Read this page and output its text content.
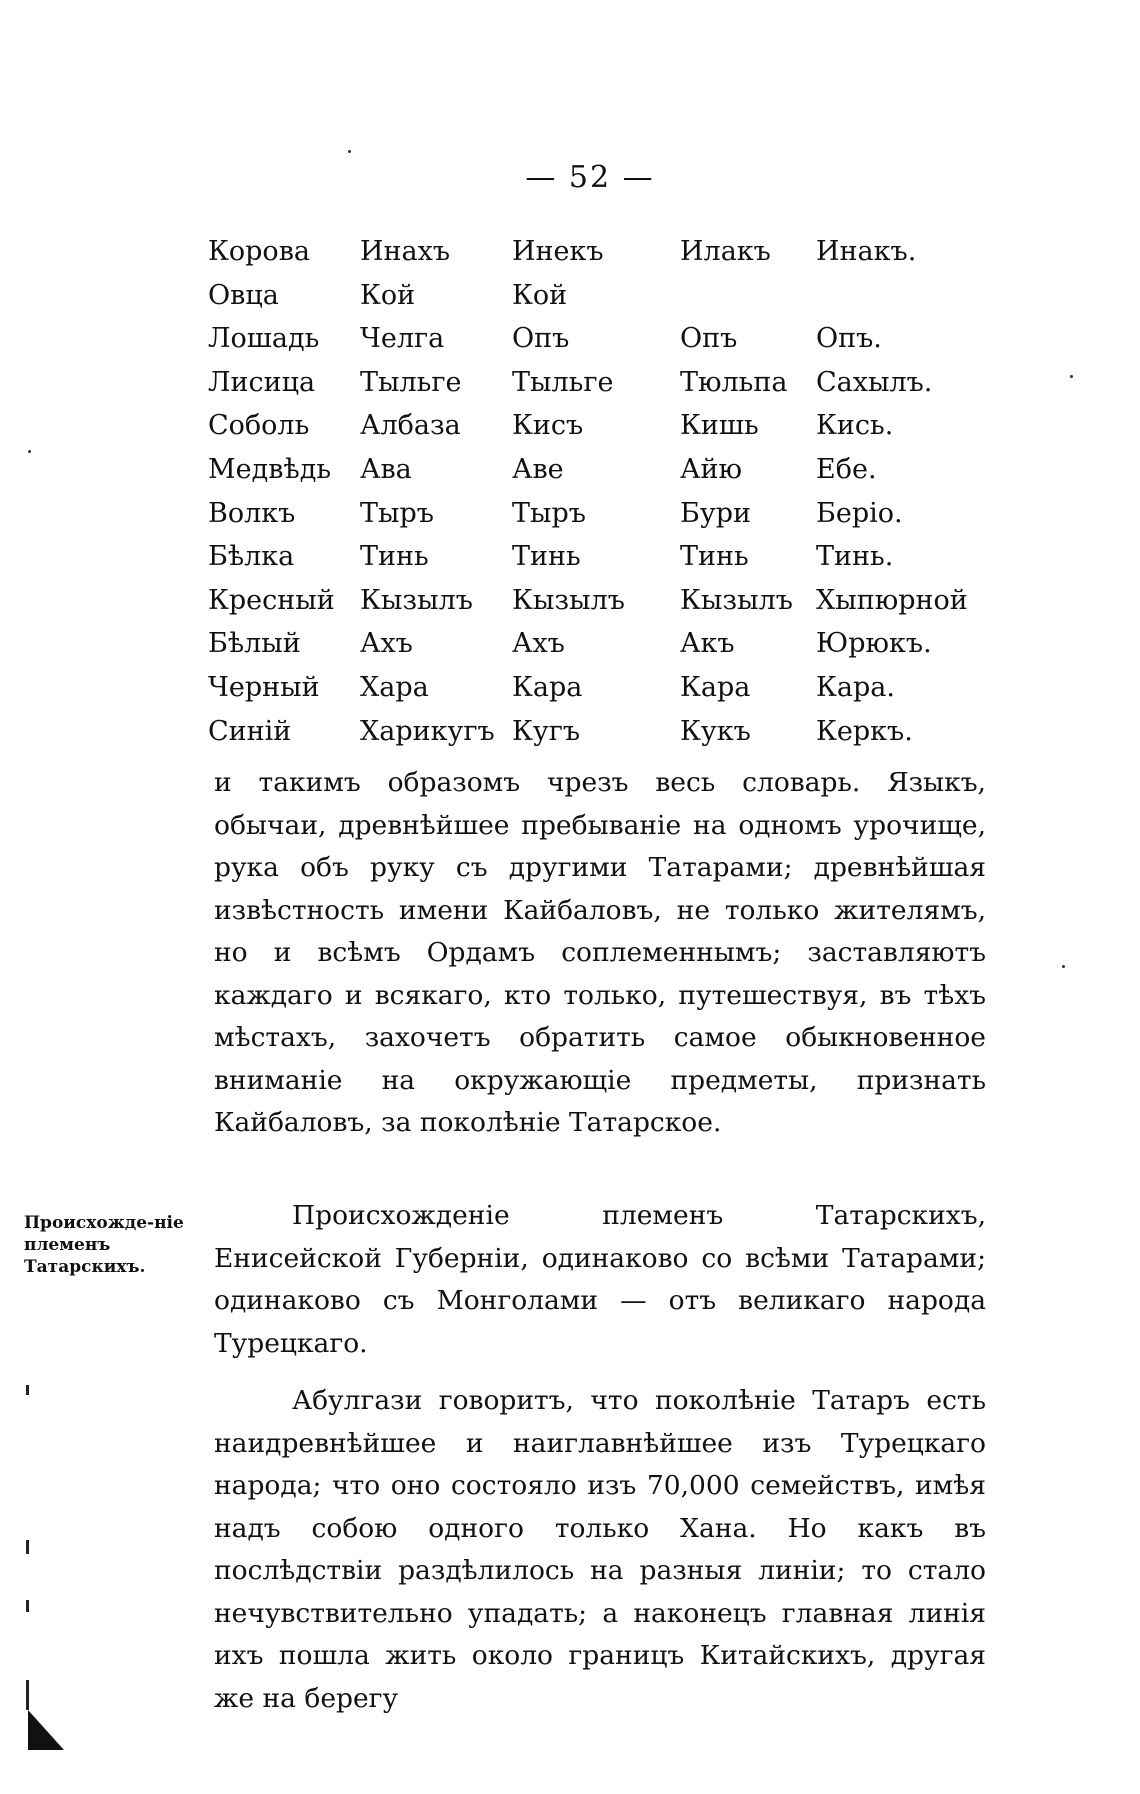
— 52 —
Корова	Инахъ	Инекъ	Илакъ	Инакъ.
Овца	Кой	Кой		
Лошадь	Челга	Опъ	Опъ	Опъ.
Лисица	Тыльге	Тыльге	Тюльпа	Сахылъ.
Соболь	Албаза	Кисъ	Кишь	Кись.
Медвѣдь	Ава	Аве	Айю	Ебе.
Волкъ	Тыръ	Тыръ	Бури	Берiо.
Бѣлка	Тинь	Тинь	Тинь	Тинь.
Кресный	Кызылъ	Кызылъ	Кызылъ	Хыпюрной
Бѣлый	Ахъ	Ахъ	Акъ	Юрюкъ.
Черный	Хара	Кара	Кара	Кара.
Синiй	Харикугъ	Кугъ	Кукъ	Керкъ.

и такимъ образомъ чрезъ весь словарь. Языкъ, обычаи, древнѣйшее пребыванiе на одномъ урочище, рука объ руку съ другими Татарами; древнѣйшая извѣстность имени Кайбаловъ, не только жителямъ, но и всѣмъ Ордамъ соплеменнымъ; заставляютъ каждаго и всякаго, кто только, путешествуя, въ тѣхъ мѣстахъ, захочетъ обратить самое обыкновенное вниманiе на окружающiе предметы, признать Кайбаловъ, за поколѣнiе Татарское.

Происхожде-нiе племенъ Татарскихъ.

Происхожденiе племенъ Татарскихъ, Енисейской Губернiи, одинаково со всѣми Татарами; одинаково съ Монголами — отъ великаго народа Турецкаго.

Абулгази говоритъ, что поколѣнiе Татаръ есть наидревнѣйшее и наиглавнѣйшее изъ Турецкаго народа; что оно состояло изъ 70,000 семействъ, имѣя надъ собою одного только Хана. Но какъ въ послѣдствiи раздѣлилось на разныя линiи; то стало нечувствительно упадать; а наконецъ главная линiя ихъ пошла жить около границъ Китайскихъ, другая же на берегу
